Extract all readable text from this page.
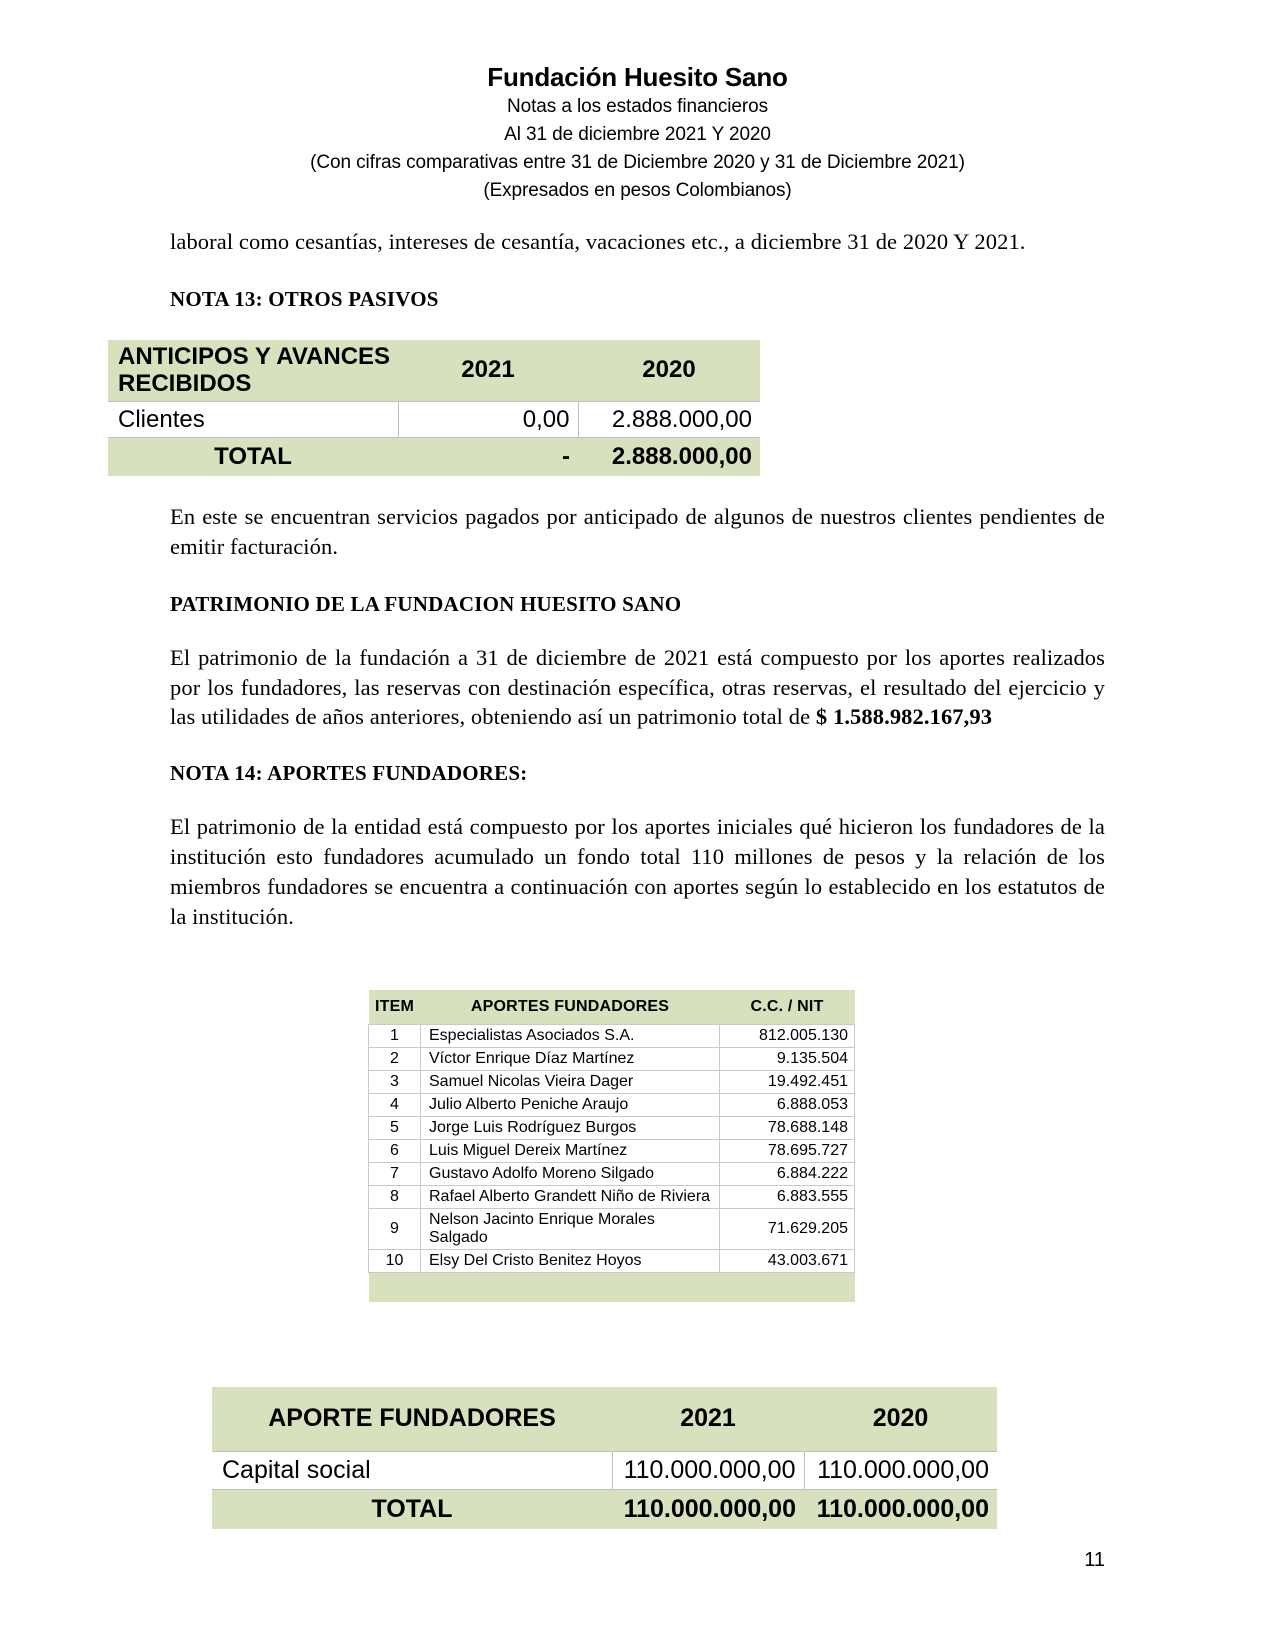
Fundación Huesito Sano
Notas a los estados financieros
Al 31 de diciembre 2021 Y 2020
(Con cifras comparativas entre 31 de Diciembre 2020 y 31 de Diciembre 2021)
(Expresados en pesos Colombianos)

laboral como cesantías, intereses de cesantía, vacaciones etc., a diciembre 31 de 2020 Y 2021.

NOTA 13: OTROS PASIVOS
ANTICIPOS Y AVANCES RECIBIDOS	2021	2020
Clientes	0,00	2.888.000,00
TOTAL	-	2.888.000,00

En este se encuentran servicios pagados por anticipado de algunos de nuestros clientes pendientes de emitir facturación.

PATRIMONIO DE LA FUNDACION HUESITO SANO

El patrimonio de la fundación a 31 de diciembre de 2021 está compuesto por los aportes realizados por los fundadores, las reservas con destinación específica, otras reservas, el resultado del ejercicio y las utilidades de años anteriores, obteniendo así un patrimonio total de $ 1.588.982.167,93

NOTA 14: APORTES FUNDADORES:

El patrimonio de la entidad está compuesto por los aportes iniciales qué hicieron los fundadores de la institución esto fundadores acumulado un fondo total 110 millones de pesos y la relación de los miembros fundadores se encuentra a continuación con aportes según lo establecido en los estatutos de la institución.

ITEM	APORTES FUNDADORES	C.C. / NIT
1	Especialistas Asociados S.A.	812.005.130
2	Víctor Enrique Díaz Martínez	9.135.504
3	Samuel Nicolas Vieira Dager	19.492.451
4	Julio Alberto Peniche Araujo	6.888.053
5	Jorge Luis Rodríguez Burgos	78.688.148
6	Luis Miguel Dereix Martínez	78.695.727
7	Gustavo Adolfo Moreno Silgado	6.884.222
8	Rafael Alberto Grandett Niño de Riviera	6.883.555
9	Nelson Jacinto Enrique Morales Salgado	71.629.205
10	Elsy Del Cristo Benitez Hoyos	43.003.671

APORTE FUNDADORES	2021	2020
Capital social	110.000.000,00	110.000.000,00
TOTAL	110.000.000,00	110.000.000,00
11
